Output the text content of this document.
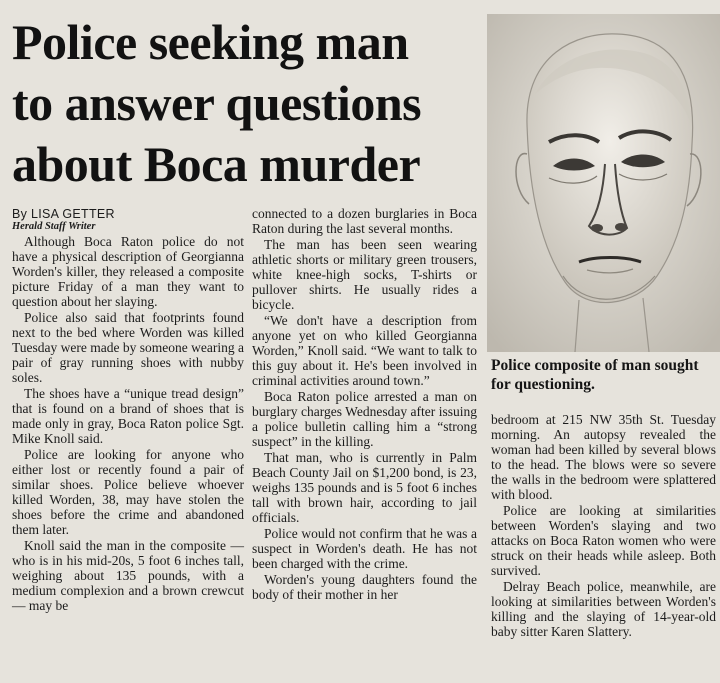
Police seeking man
to answer questions
about Boca murder
Police composite of man sought for questioning.
By LISA GETTER
Herald Staff Writer

Although Boca Raton police do not have a physical description of Georgianna Worden's killer, they released a composite picture Friday of a man they want to question about her slaying.

Police also said that footprints found next to the bed where Worden was killed Tuesday were made by someone wearing a pair of gray running shoes with nubby soles.

The shoes have a “unique tread design” that is found on a brand of shoes that is made only in gray, Boca Raton police Sgt. Mike Knoll said.

Police are looking for anyone who either lost or recently found a pair of similar shoes. Police believe whoever killed Worden, 38, may have stolen the shoes before the crime and abandoned them later.

Knoll said the man in the composite — who is in his mid-20s, 5 foot 6 inches tall, weighing about 135 pounds, with a medium complexion and a brown crewcut — may be

connected to a dozen burglaries in Boca Raton during the last several months.

The man has been seen wearing athletic shorts or military green trousers, white knee-high socks, T-shirts or pullover shirts. He usually rides a bicycle.

“We don't have a description from anyone yet on who killed Georgianna Worden,” Knoll said. “We want to talk to this guy about it. He's been involved in criminal activities around town.”

Boca Raton police arrested a man on burglary charges Wednesday after issuing a police bulletin calling him a “strong suspect” in the killing.

That man, who is currently in Palm Beach County Jail on $1,200 bond, is 23, weighs 135 pounds and is 5 foot 6 inches tall with brown hair, according to jail officials.

Police would not confirm that he was a suspect in Worden's death. He has not been charged with the crime.

Worden's young daughters found the body of their mother in her

bedroom at 215 NW 35th St. Tuesday morning. An autopsy revealed the woman had been killed by several blows to the head. The blows were so severe the walls in the bedroom were splattered with blood.

Police are looking at similarities between Worden's slaying and two attacks on Boca Raton women who were struck on their heads while asleep. Both survived.

Delray Beach police, meanwhile, are looking at similarities between Worden's killing and the slaying of 14-year-old baby sitter Karen Slattery.
